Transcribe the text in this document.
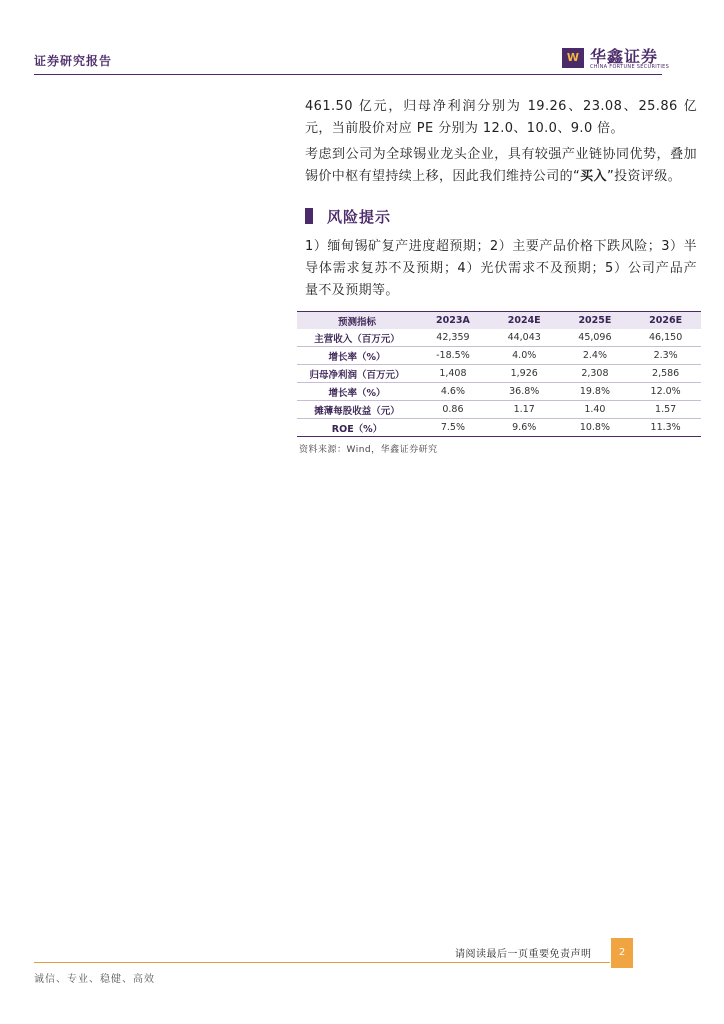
证券研究报告	W 华鑫证券
CHINA FORTUNE SECURITIES

461.50 亿元，归母净利润分别为 19.26、23.08、25.86 亿元，当前股价对应 PE 分别为 12.0、10.0、9.0 倍。

考虑到公司为全球锡业龙头企业，具有较强产业链协同优势，叠加锡价中枢有望持续上移，因此我们维持公司的“买入”投资评级。

风险提示

1）缅甸锡矿复产进度超预期；2）主要产品价格下跌风险；3）半导体需求复苏不及预期；4）光伏需求不及预期；5）公司产品产量不及预期等。

预测指标	2023A	2024E	2025E	2026E
主营收入（百万元）	42,359	44,043	45,096	46,150
增长率（%）	-18.5%	4.0%	2.4%	2.3%
归母净利润（百万元）	1,408	1,926	2,308	2,586
增长率（%）	4.6%	36.8%	19.8%	12.0%
摊薄每股收益（元）	0.86	1.17	1.40	1.57
ROE（%）	7.5%	9.6%	10.8%	11.3%
资料来源：Wind，华鑫证券研究
请阅读最后一页重要免责声明	2
诚信、专业、稳健、高效
